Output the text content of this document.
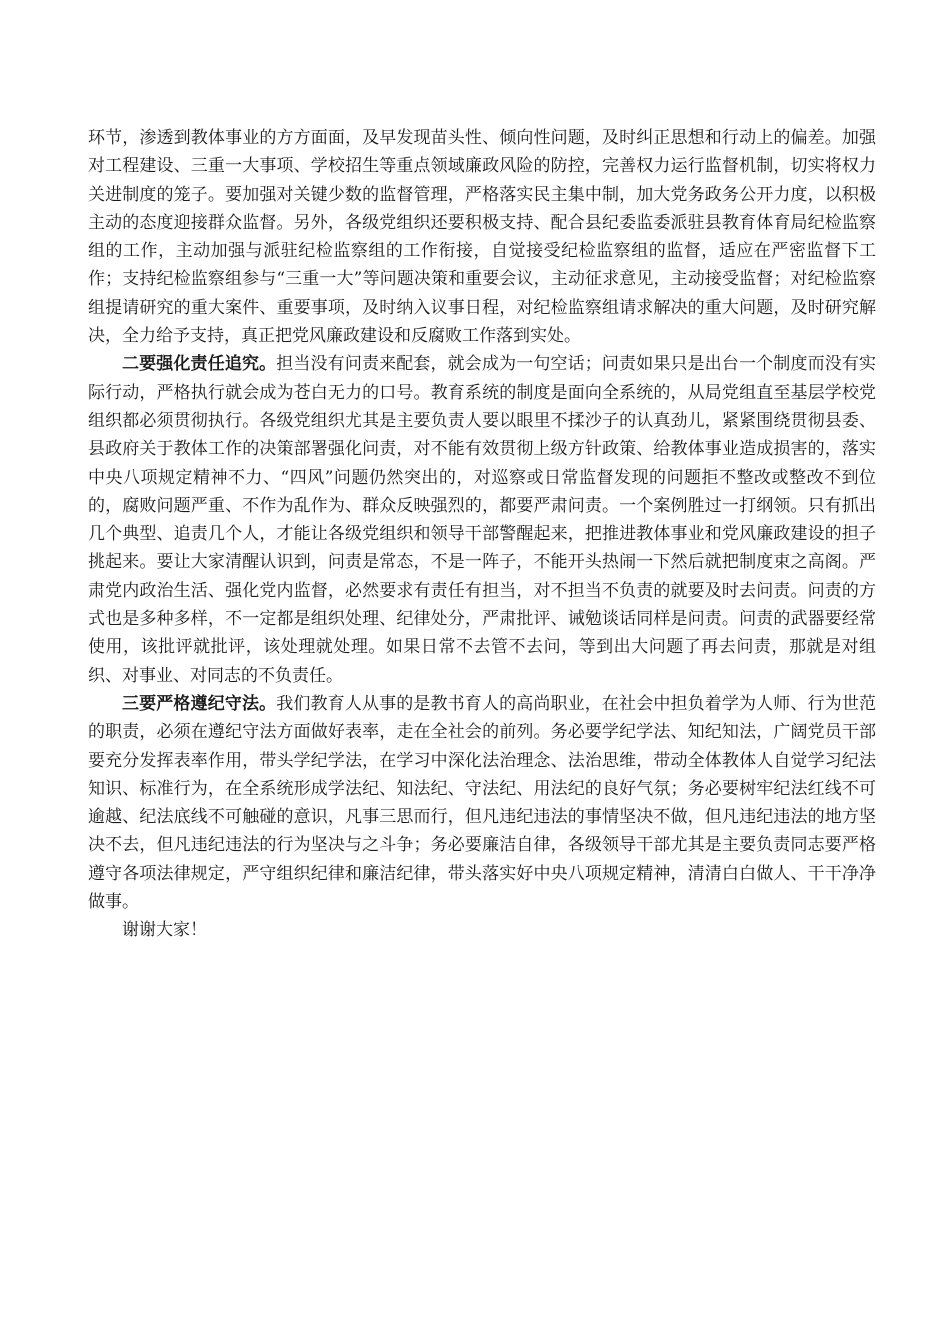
环节，渗透到教体事业的方方面面，及早发现苗头性、倾向性问题，及时纠正思想和行动上的偏差。加强对工程建设、三重一大事项、学校招生等重点领域廉政风险的防控，完善权力运行监督机制，切实将权力关进制度的笼子。要加强对关键少数的监督管理，严格落实民主集中制，加大党务政务公开力度，以积极主动的态度迎接群众监督。另外，各级党组织还要积极支持、配合县纪委监委派驻县教育体育局纪检监察组的工作，主动加强与派驻纪检监察组的工作衔接，自觉接受纪检监察组的监督，适应在严密监督下工作；支持纪检监察组参与“三重一大”等问题决策和重要会议，主动征求意见，主动接受监督；对纪检监察组提请研究的重大案件、重要事项，及时纳入议事日程，对纪检监察组请求解决的重大问题，及时研究解决，全力给予支持，真正把党风廉政建设和反腐败工作落到实处。

二要强化责任追究。担当没有问责来配套，就会成为一句空话；问责如果只是出台一个制度而没有实际行动，严格执行就会成为苍白无力的口号。教育系统的制度是面向全系统的，从局党组直至基层学校党组织都必须贯彻执行。各级党组织尤其是主要负责人要以眼里不揉沙子的认真劲儿，紧紧围绕贯彻县委、县政府关于教体工作的决策部署强化问责，对不能有效贯彻上级方针政策、给教体事业造成损害的，落实中央八项规定精神不力、“四风”问题仍然突出的，对巡察或日常监督发现的问题拒不整改或整改不到位的，腐败问题严重、不作为乱作为、群众反映强烈的，都要严肃问责。一个案例胜过一打纲领。只有抓出几个典型、追责几个人，才能让各级党组织和领导干部警醒起来，把推进教体事业和党风廉政建设的担子挑起来。要让大家清醒认识到，问责是常态，不是一阵子，不能开头热闹一下然后就把制度束之高阁。严肃党内政治生活、强化党内监督，必然要求有责任有担当，对不担当不负责的就要及时去问责。问责的方式也是多种多样，不一定都是组织处理、纪律处分，严肃批评、诫勉谈话同样是问责。问责的武器要经常使用，该批评就批评，该处理就处理。如果日常不去管不去问，等到出大问题了再去问责，那就是对组织、对事业、对同志的不负责任。

三要严格遵纪守法。我们教育人从事的是教书育人的高尚职业，在社会中担负着学为人师、行为世范的职责，必须在遵纪守法方面做好表率，走在全社会的前列。务必要学纪学法、知纪知法，广阔党员干部要充分发挥表率作用，带头学纪学法，在学习中深化法治理念、法治思维，带动全体教体人自觉学习纪法知识、标准行为，在全系统形成学法纪、知法纪、守法纪、用法纪的良好气氛；务必要树牢纪法红线不可逾越、纪法底线不可触碰的意识，凡事三思而行，但凡违纪违法的事情坚决不做，但凡违纪违法的地方坚决不去，但凡违纪违法的行为坚决与之斗争；务必要廉洁自律，各级领导干部尤其是主要负责同志要严格遵守各项法律规定，严守组织纪律和廉洁纪律，带头落实好中央八项规定精神，清清白白做人、干干净净做事。

谢谢大家！
